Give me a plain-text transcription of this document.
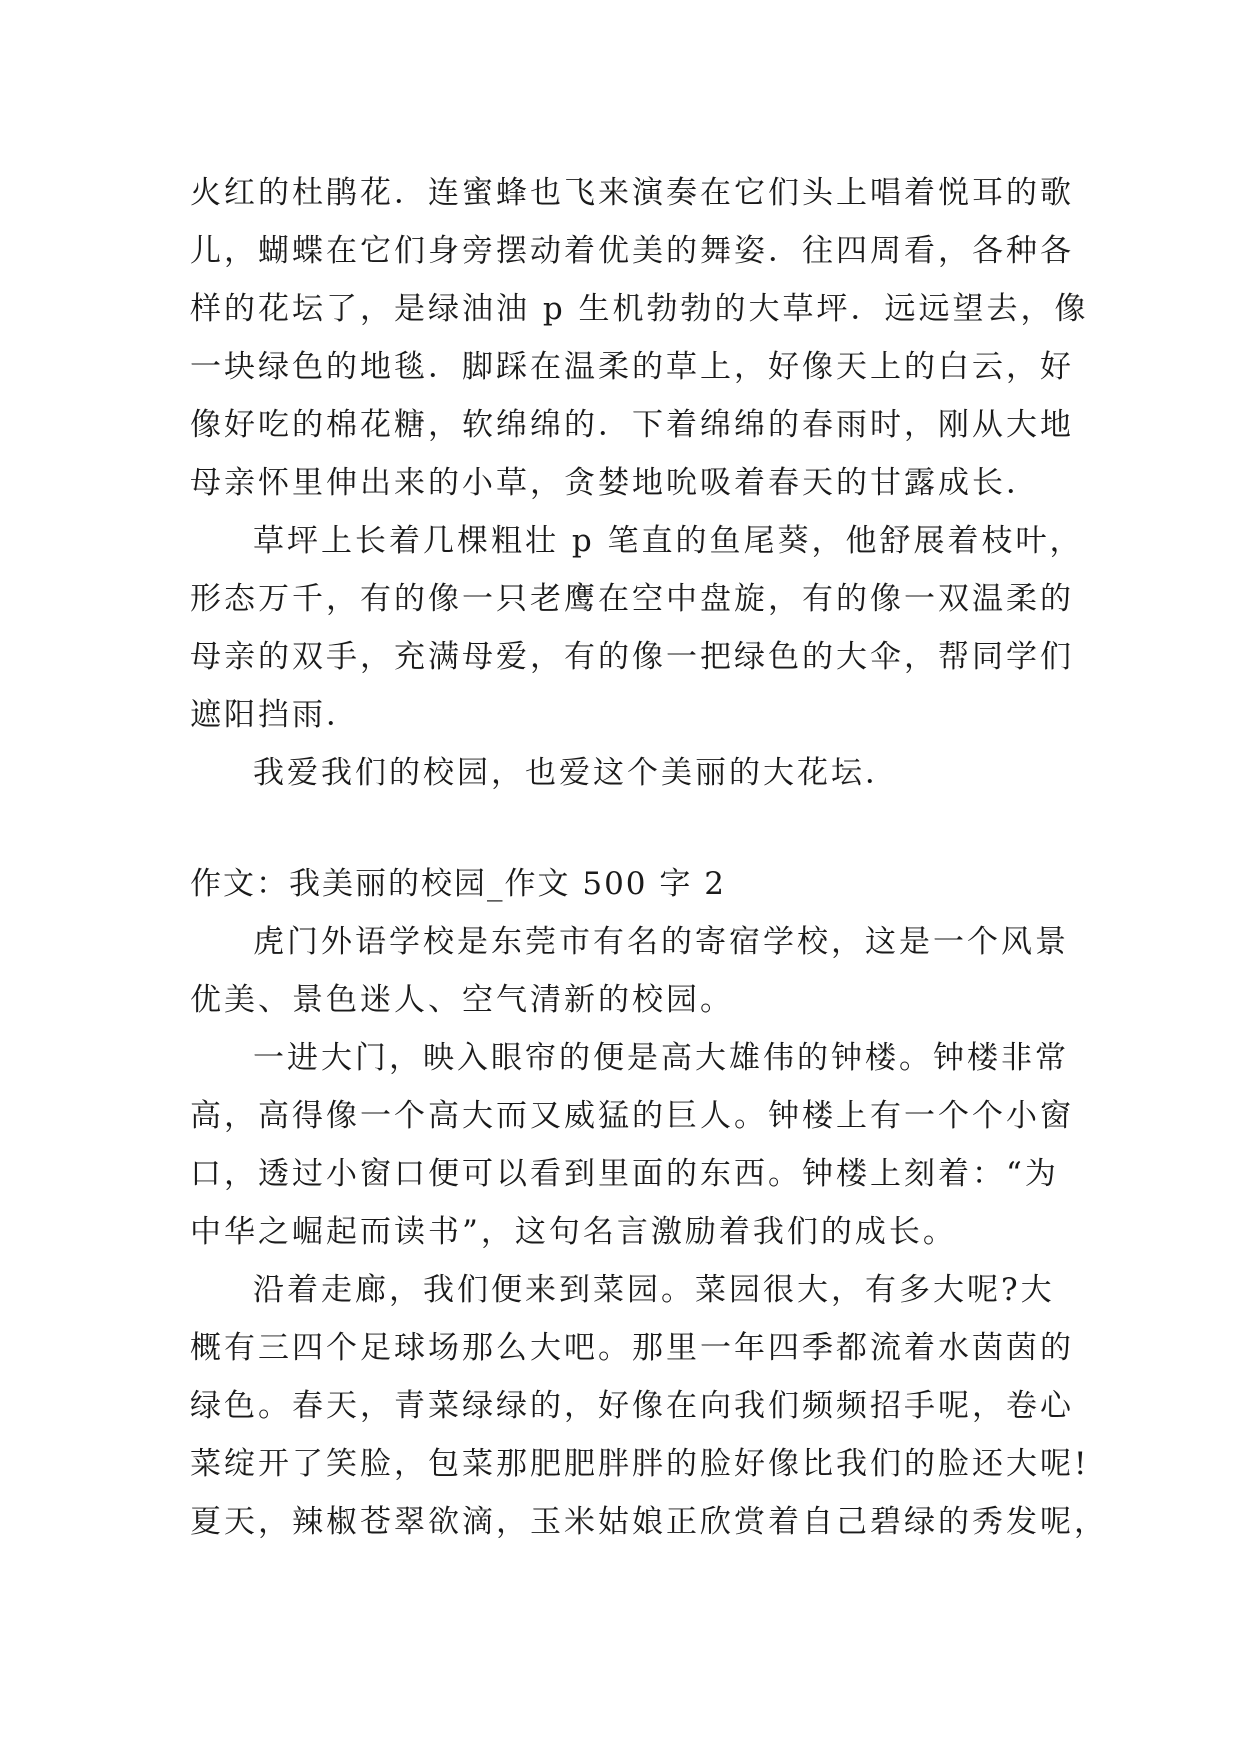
火红的杜鹃花．连蜜蜂也飞来演奏在它们头上唱着悦耳的歌
儿，蝴蝶在它们身旁摆动着优美的舞姿．往四周看，各种各
样的花坛了，是绿油油 p 生机勃勃的大草坪．远远望去，像
一块绿色的地毯．脚踩在温柔的草上，好像天上的白云，好
像好吃的棉花糖，软绵绵的．下着绵绵的春雨时，刚从大地
母亲怀里伸出来的小草，贪婪地吮吸着春天的甘露成长．
草坪上长着几棵粗壮 p 笔直的鱼尾葵，他舒展着枝叶，
形态万千，有的像一只老鹰在空中盘旋，有的像一双温柔的
母亲的双手，充满母爱，有的像一把绿色的大伞，帮同学们
遮阳挡雨．
我爱我们的校园，也爱这个美丽的大花坛．
作文：我美丽的校园_作文 500 字 2
虎门外语学校是东莞市有名的寄宿学校，这是一个风景
优美、景色迷人、空气清新的校园。
一进大门，映入眼帘的便是高大雄伟的钟楼。钟楼非常
高，高得像一个高大而又威猛的巨人。钟楼上有一个个小窗
口，透过小窗口便可以看到里面的东西。钟楼上刻着：“为
中华之崛起而读书”，这句名言激励着我们的成长。
沿着走廊，我们便来到菜园。菜园很大，有多大呢?大
概有三四个足球场那么大吧。那里一年四季都流着水茵茵的
绿色。春天，青菜绿绿的，好像在向我们频频招手呢，卷心
菜绽开了笑脸，包菜那肥肥胖胖的脸好像比我们的脸还大呢!
夏天，辣椒苍翠欲滴，玉米姑娘正欣赏着自己碧绿的秀发呢，
